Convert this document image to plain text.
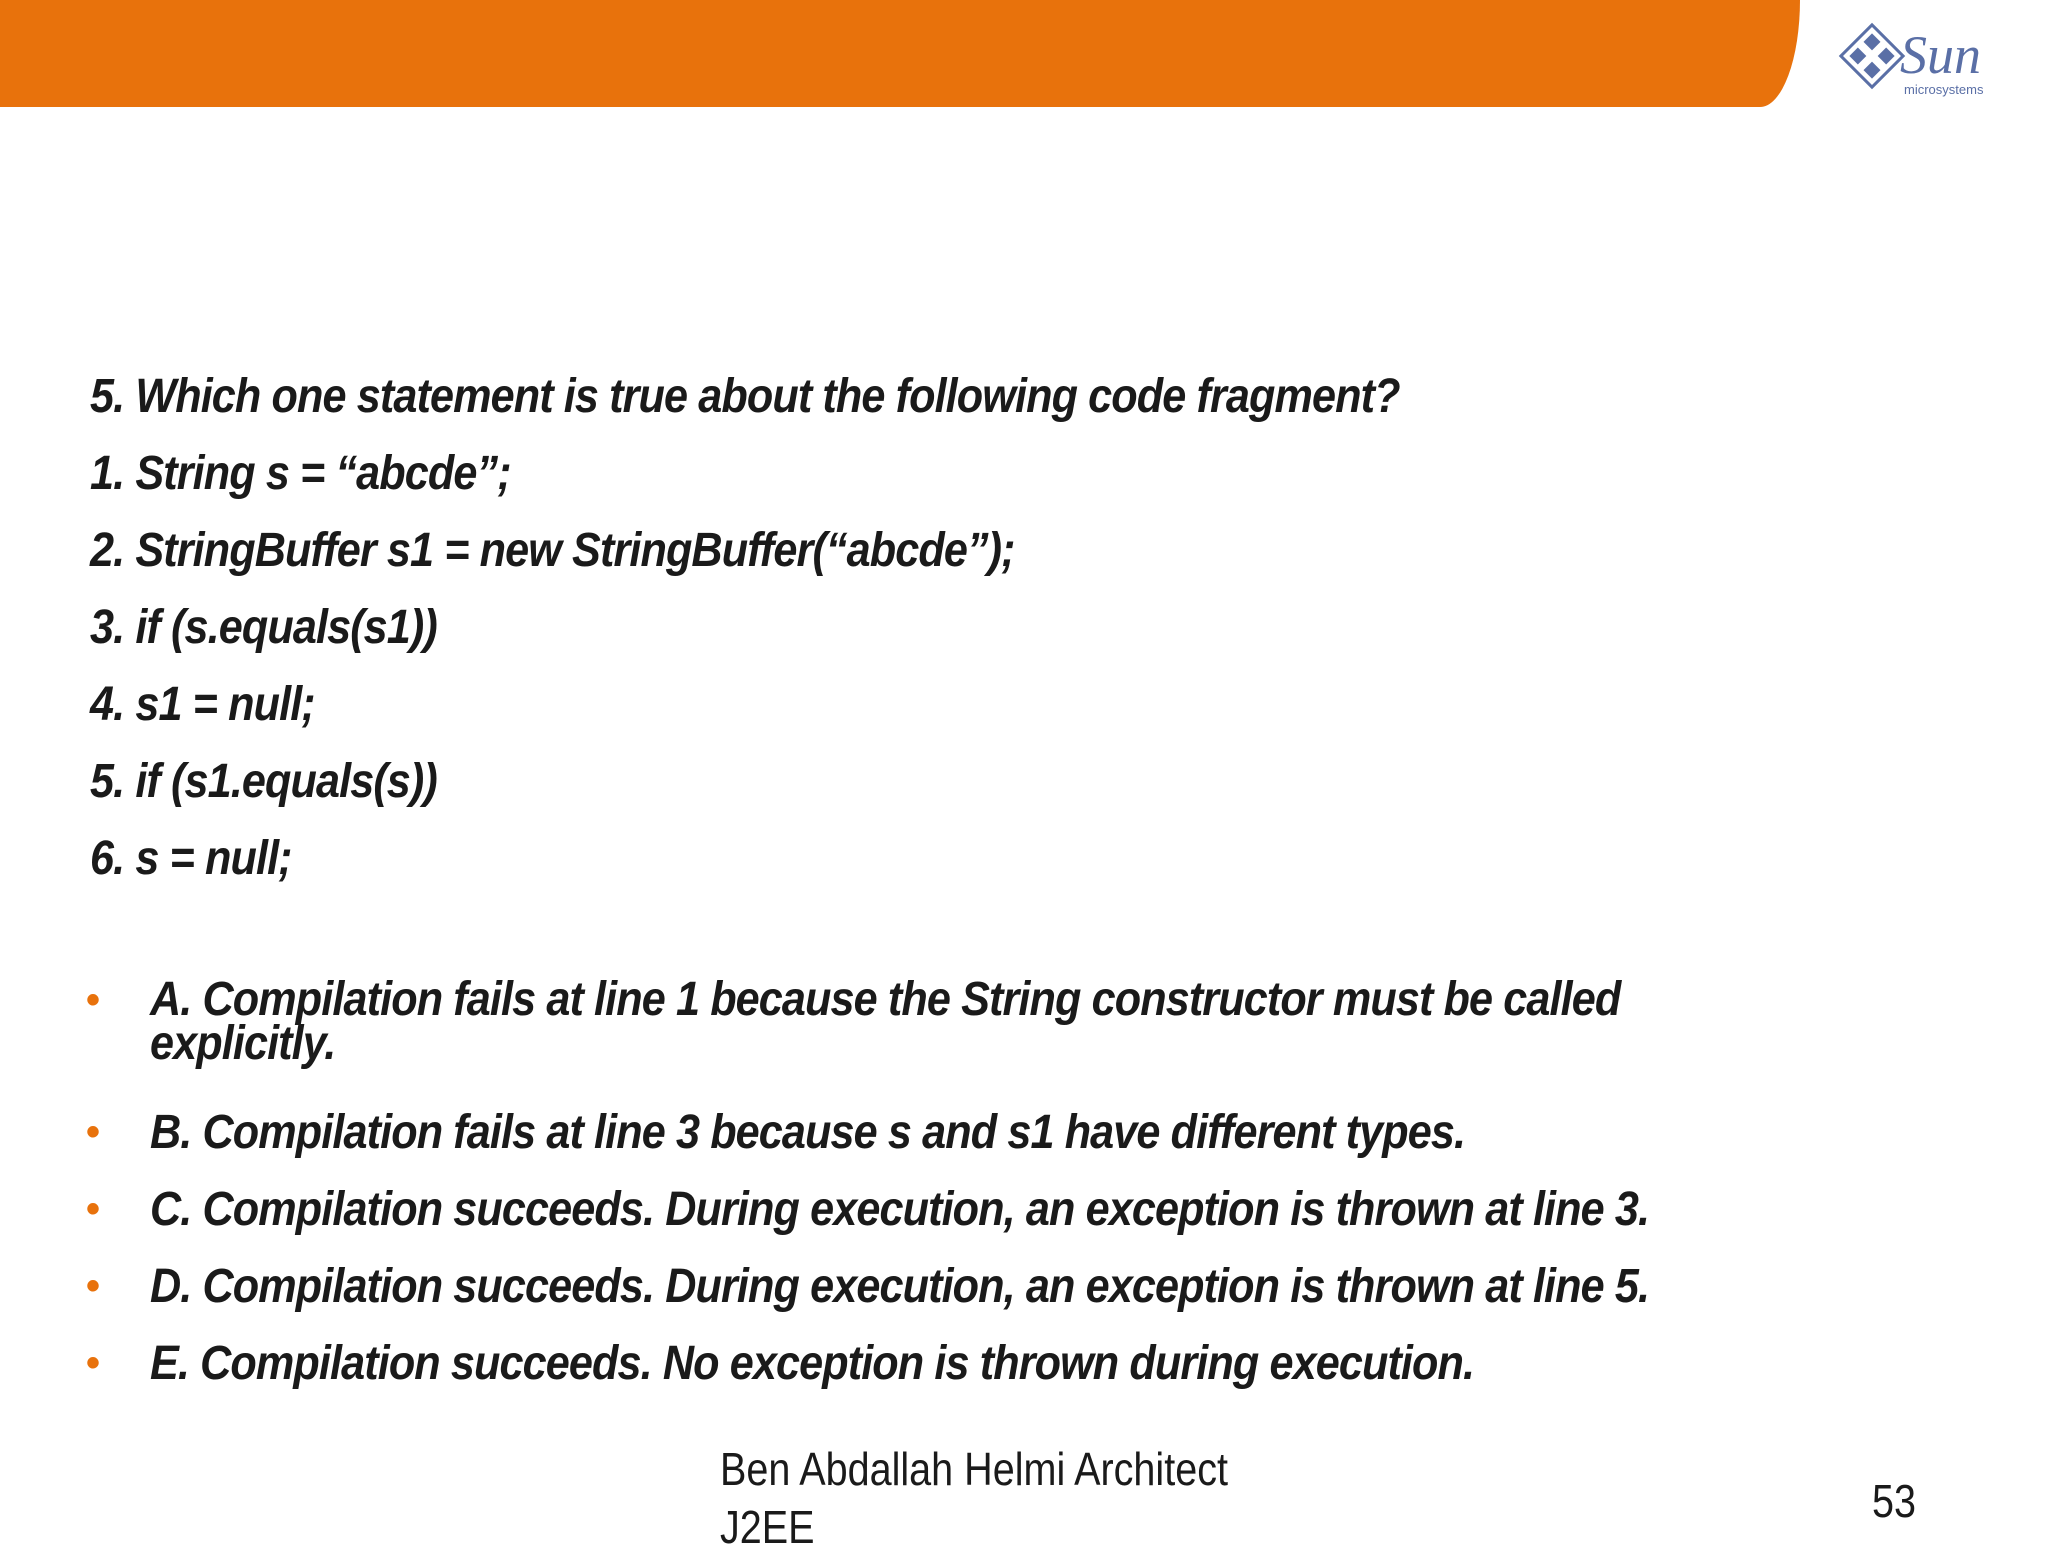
Sun
microsystems
5. Which one statement is true about the following code fragment?
1. String s = “abcde”;
2. StringBuffer s1 = new StringBuffer(“abcde”);
3. if (s.equals(s1))
4. s1 = null;
5. if (s1.equals(s))
6. s = null;
• A. Compilation fails at line 1 because the String constructor must be called
explicitly.
• B. Compilation fails at line 3 because s and s1 have different types.
• C. Compilation succeeds. During execution, an exception is thrown at line 3.
• D. Compilation succeeds. During execution, an exception is thrown at line 5.
• E. Compilation succeeds. No exception is thrown during execution.
Ben Abdallah Helmi Architect
J2EE	53
